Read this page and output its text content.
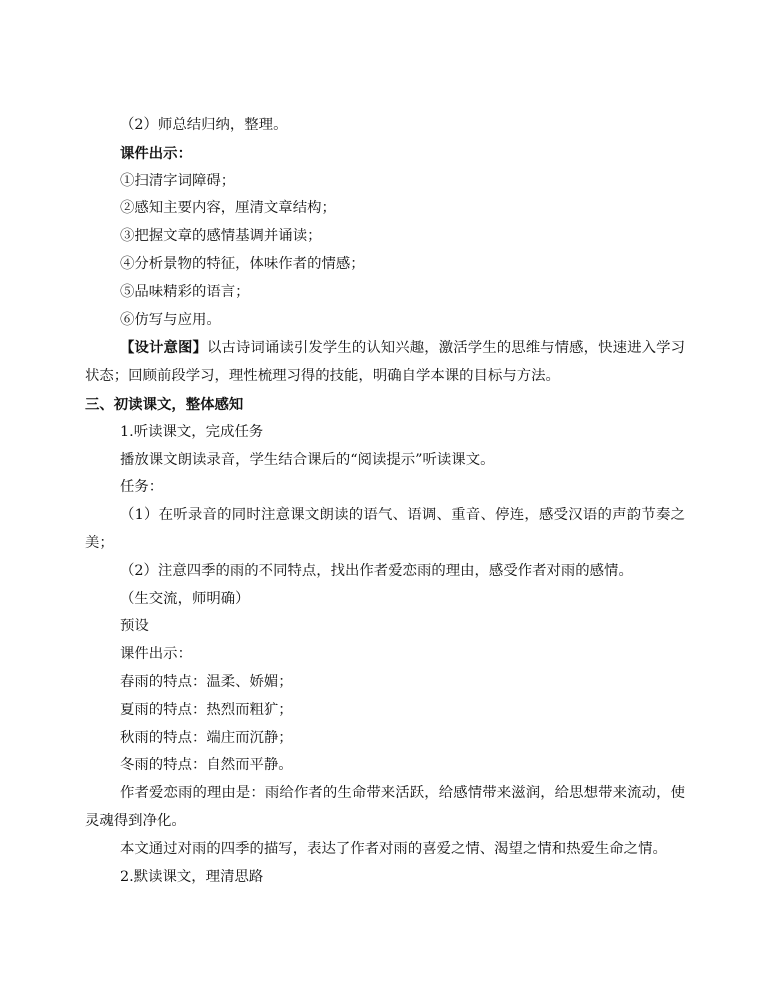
（2）师总结归纳，整理。
课件出示：
①扫清字词障碍；
②感知主要内容，厘清文章结构；
③把握文章的感情基调并诵读；
④分析景物的特征，体味作者的情感；
⑤品味精彩的语言；
⑥仿写与应用。
【设计意图】以古诗词诵读引发学生的认知兴趣，激活学生的思维与情感，快速进入学习状态；回顾前段学习，理性梳理习得的技能，明确自学本课的目标与方法。
三、初读课文，整体感知
1.听读课文，完成任务
播放课文朗读录音，学生结合课后的“阅读提示”听读课文。
任务：
（1）在听录音的同时注意课文朗读的语气、语调、重音、停连，感受汉语的声韵节奏之美；
（2）注意四季的雨的不同特点，找出作者爱恋雨的理由，感受作者对雨的感情。
（生交流，师明确）
预设
课件出示：
春雨的特点：温柔、娇媚；
夏雨的特点：热烈而粗犷；
秋雨的特点：端庄而沉静；
冬雨的特点：自然而平静。
作者爱恋雨的理由是：雨给作者的生命带来活跃，给感情带来滋润，给思想带来流动，使灵魂得到净化。
本文通过对雨的四季的描写，表达了作者对雨的喜爱之情、渴望之情和热爱生命之情。
2.默读课文，理清思路
